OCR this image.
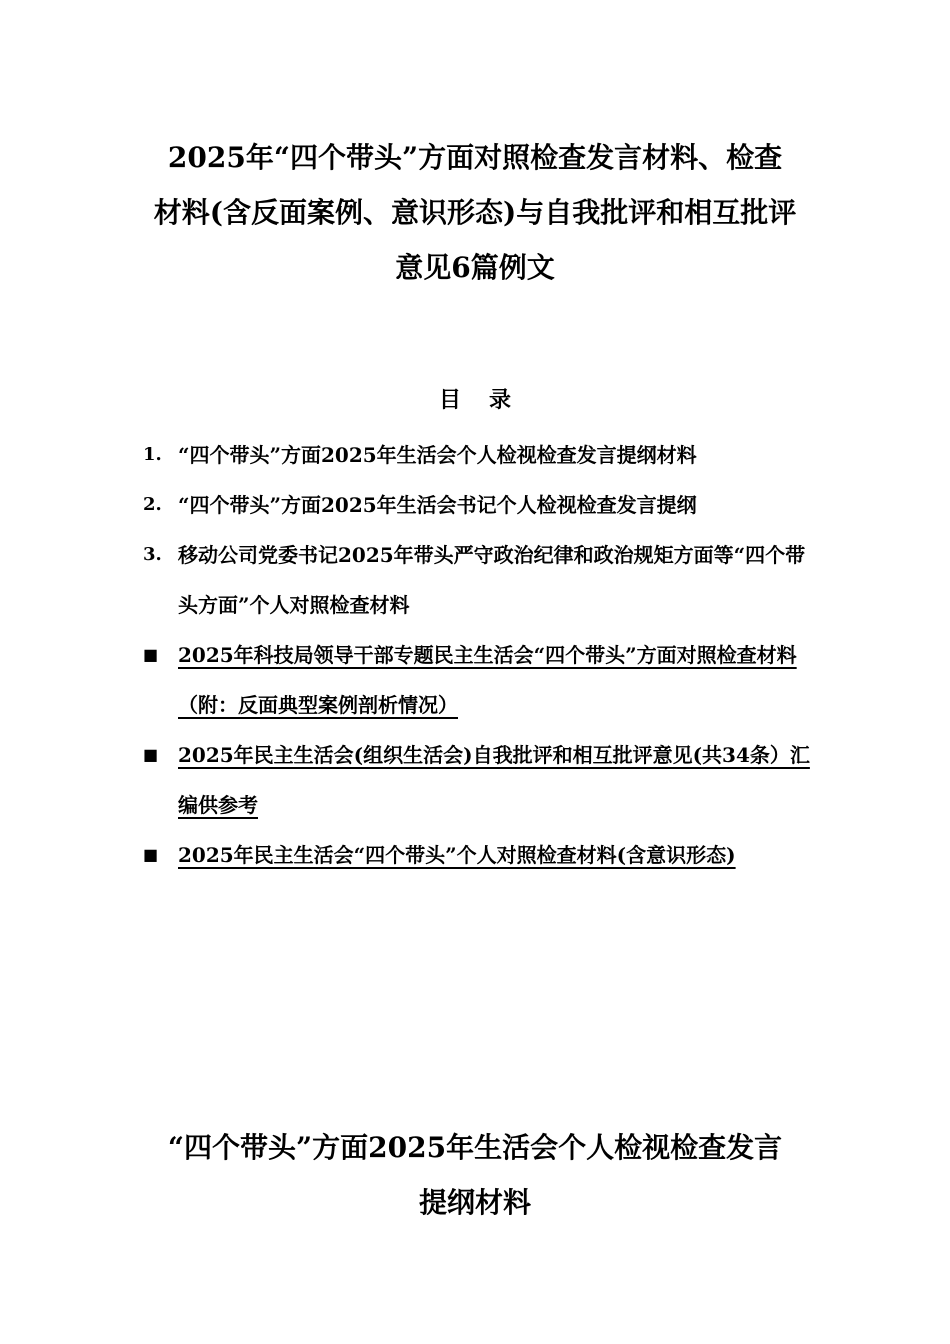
2025年“四个带头”方面对照检查发言材料、检查
材料(含反面案例、意识形态)与自我批评和相互批评
意见6篇例文
目录
1. “四个带头”方面2025年生活会个人检视检查发言提纲材料
2. “四个带头”方面2025年生活会书记个人检视检查发言提纲
3. 移动公司党委书记2025年带头严守政治纪律和政治规矩方面等“四个带头方面”个人对照检查材料
■ 2025年科技局领导干部专题民主生活会“四个带头”方面对照检查材料（附：反面典型案例剖析情况）
■ 2025年民主生活会(组织生活会)自我批评和相互批评意见(共34条）汇编供参考
■ 2025年民主生活会“四个带头”个人对照检查材料(含意识形态)
“四个带头”方面2025年生活会个人检视检查发言
提纲材料
